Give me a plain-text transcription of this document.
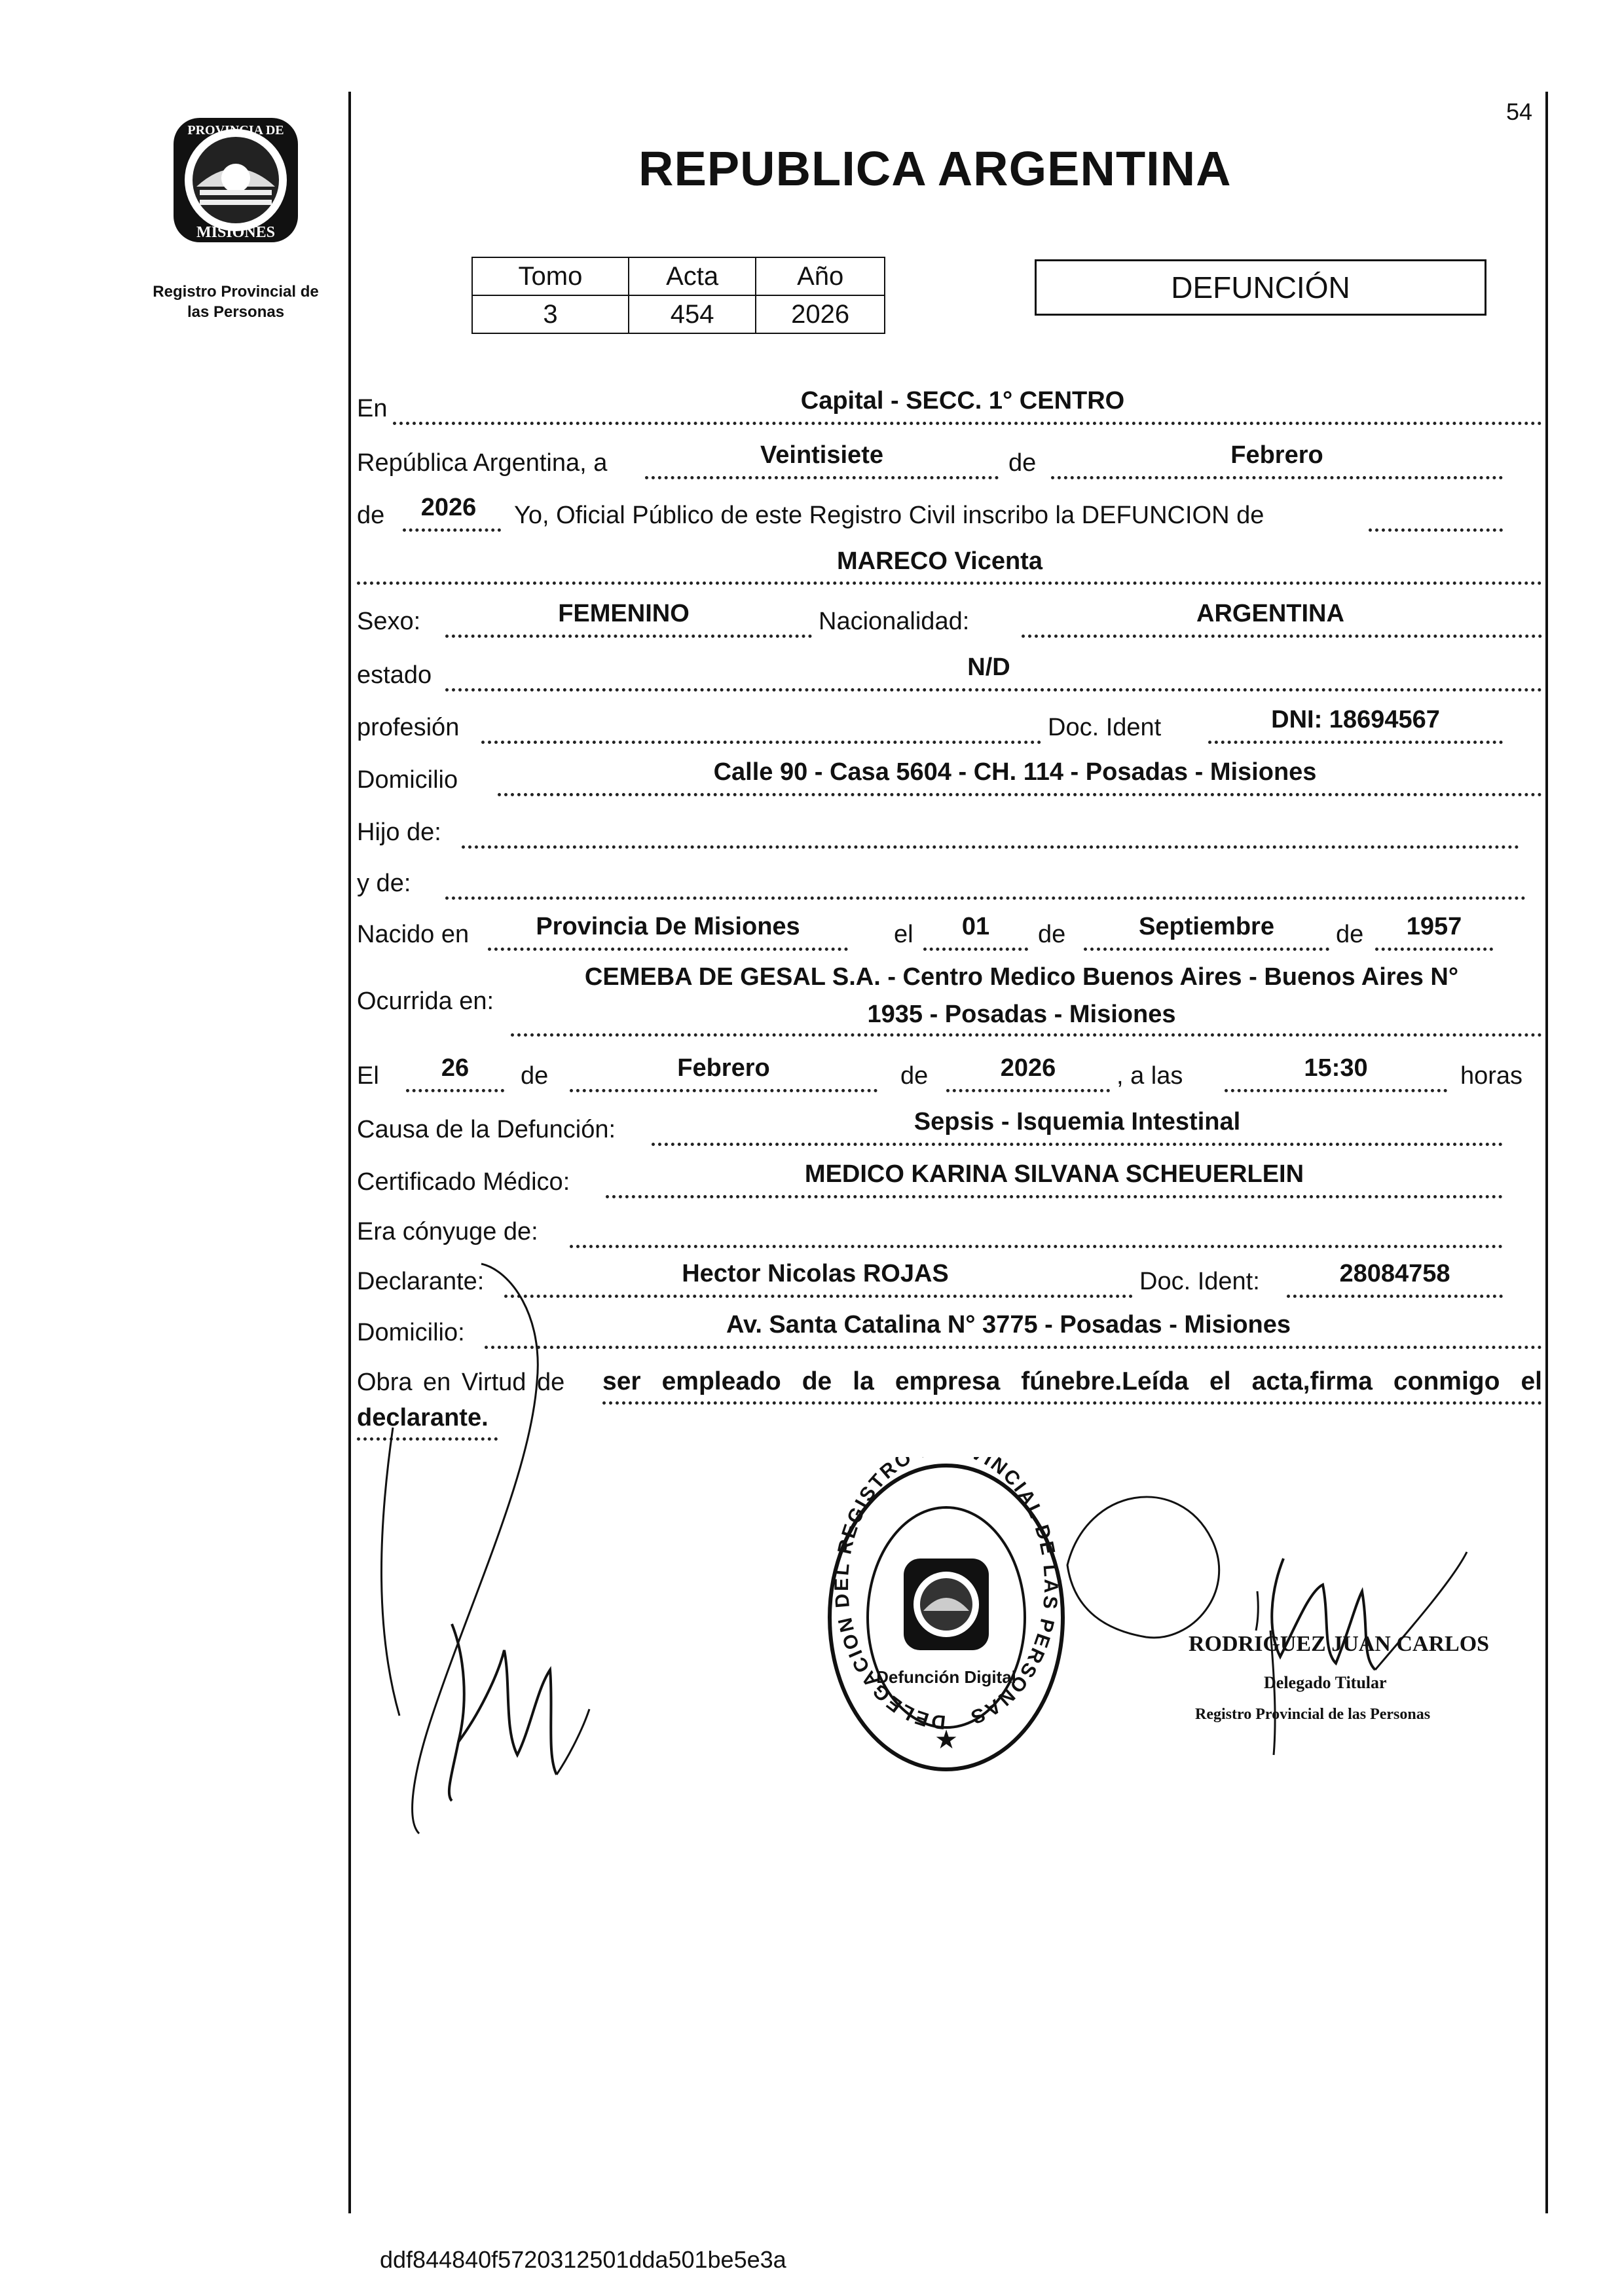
54
PROVINCIA DE
MISIONES
Registro Provincial de
las Personas
REPUBLICA ARGENTINA
Tomo	Acta	Año
3	454	2026
DEFUNCIÓN
En	Capital - SECC. 1° CENTRO
República Argentina, a	Veintisiete	de	Febrero
de	2026	Yo, Oficial Público de este Registro Civil inscribo la DEFUNCION de
MARECO Vicenta
Sexo:	FEMENINO	Nacionalidad:	ARGENTINA
estado	N/D
profesión	Doc. Ident	DNI: 18694567
Domicilio	Calle 90 - Casa 5604 - CH. 114 - Posadas - Misiones
Hijo de:
y de:
Nacido en	Provincia De Misiones	el	01	de	Septiembre	de	1957
Ocurrida en:
CEMEBA DE GESAL S.A. - Centro Medico Buenos Aires - Buenos Aires N°
1935 - Posadas - Misiones
El	26	de	Febrero	de	2026	, a las	15:30	horas
Causa de la Defunción:	Sepsis - Isquemia Intestinal
Certificado Médico:	MEDICO KARINA SILVANA SCHEUERLEIN
Era cónyuge de:
Declarante:	Hector Nicolas ROJAS	Doc. Ident:	28084758
Domicilio:	Av. Santa Catalina N° 3775 - Posadas - Misiones
Obra en Virtud de ser empleado de la empresa fúnebre.Leída el acta,firma conmigo el
declarante.
DELEGACION DEL REGISTRO INCIAL DE LAS PERSONAS
Defunción Digital
★
RODRIGUEZ JUAN CARLOS
Delegado Titular
Registro Provincial de las Personas
ddf844840f5720312501dda501be5e3a
